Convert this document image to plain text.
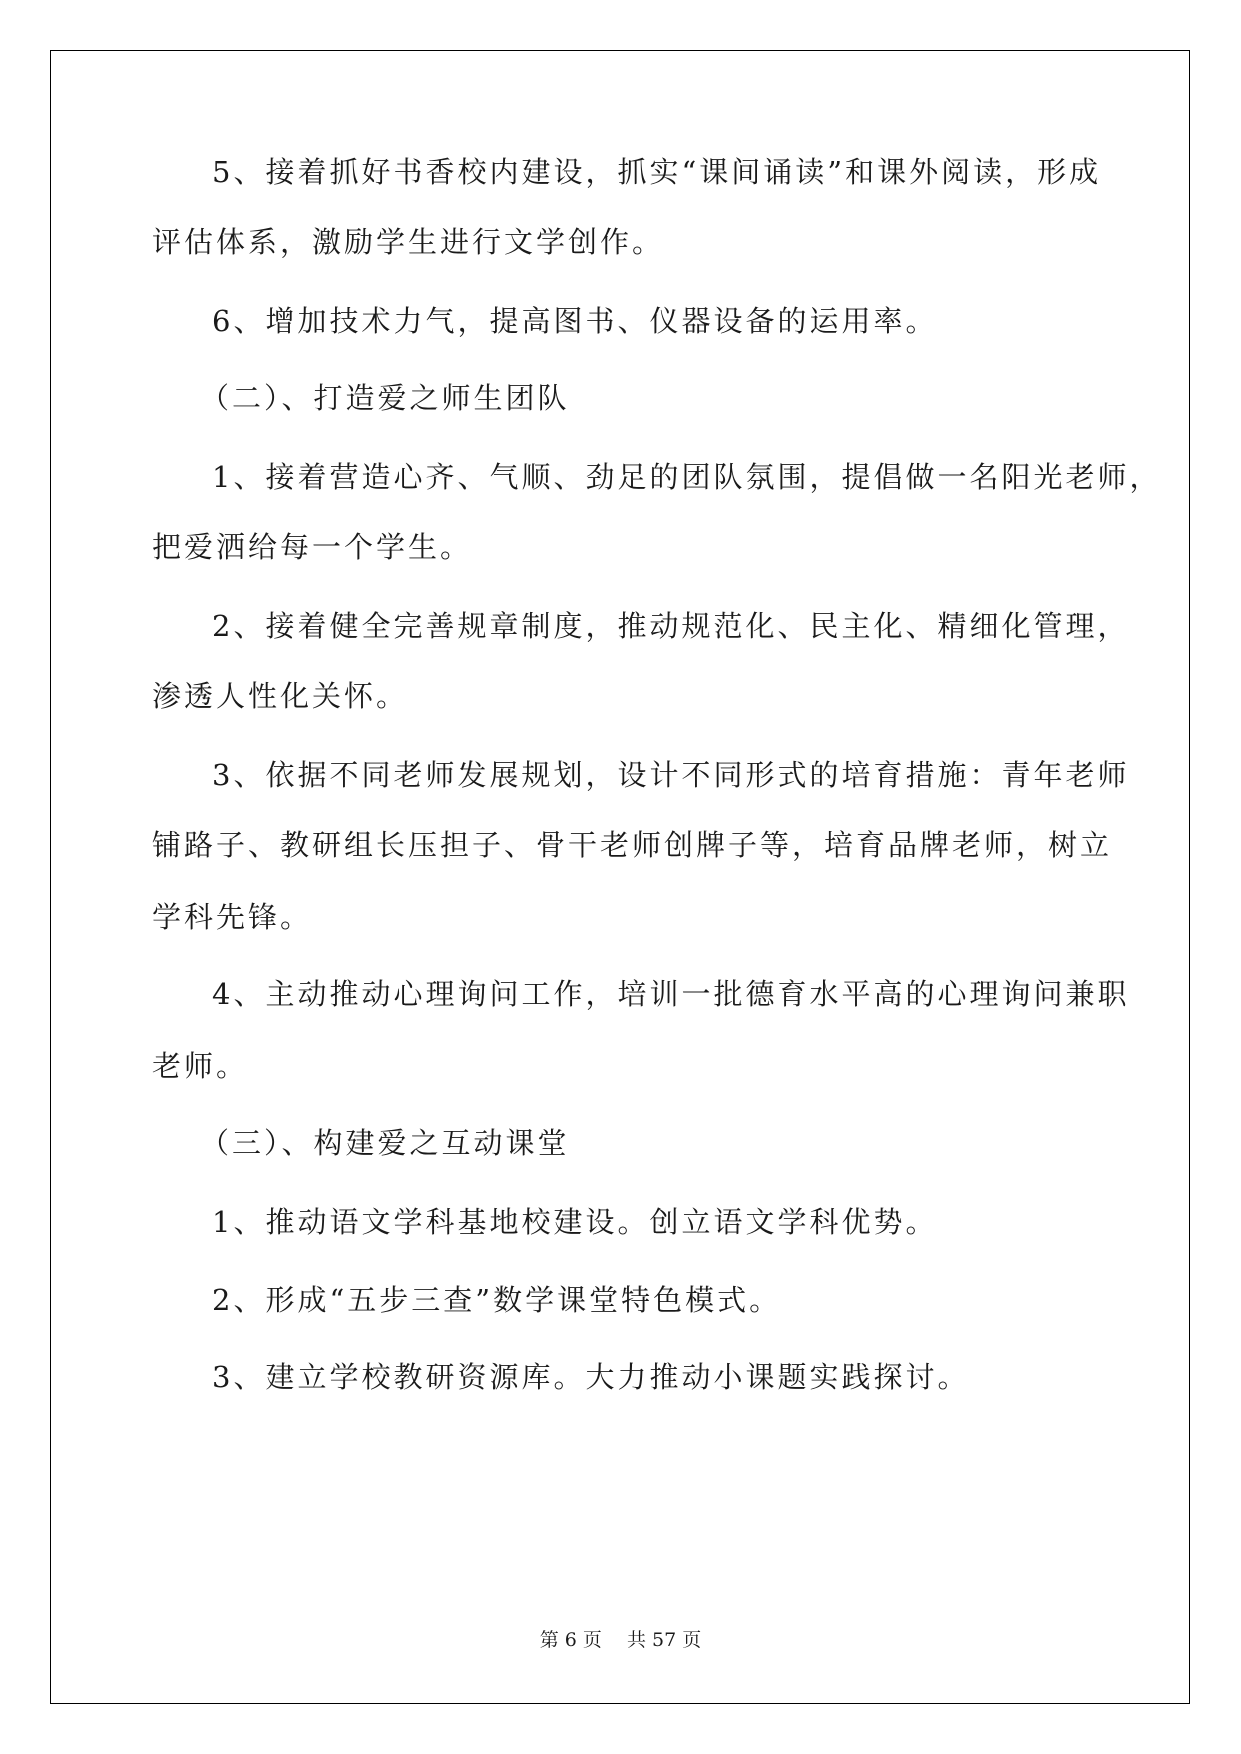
5、接着抓好书香校内建设，抓实“课间诵读”和课外阅读，形成
评估体系，激励学生进行文学创作。
6、增加技术力气，提高图书、仪器设备的运用率。
（二）、打造爱之师生团队
1、接着营造心齐、气顺、劲足的团队氛围，提倡做一名阳光老师，
把爱洒给每一个学生。
2、接着健全完善规章制度，推动规范化、民主化、精细化管理，
渗透人性化关怀。
3、依据不同老师发展规划，设计不同形式的培育措施：青年老师
铺路子、教研组长压担子、骨干老师创牌子等，培育品牌老师，树立
学科先锋。
4、主动推动心理询问工作，培训一批德育水平高的心理询问兼职
老师。
（三）、构建爱之互动课堂
1、推动语文学科基地校建设。创立语文学科优势。
2、形成“五步三查”数学课堂特色模式。
3、建立学校教研资源库。大力推动小课题实践探讨。
第 6 页　 共 57 页
